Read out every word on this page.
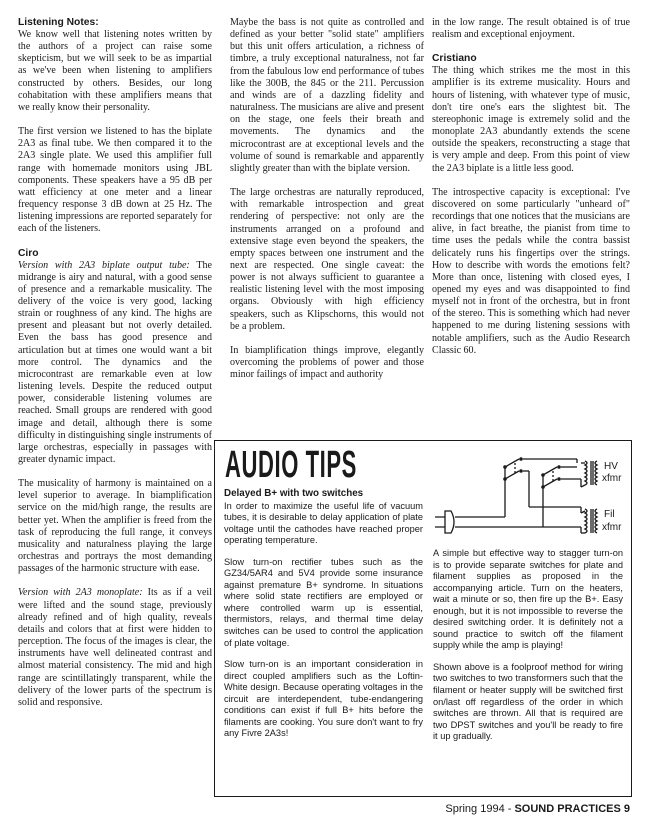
Listening Notes:

We know well that listening notes written by the authors of a project can raise some skepticism, but we will seek to be as impartial as we've been when listening to amplifiers constructed by others. Besides, our long cohabitation with these amplifiers means that we really know their personality.

The first version we listened to has the biplate 2A3 as final tube. We then compared it to the 2A3 single plate. We used this amplifier full range with homemade monitors using JBL components. These speakers have a 95 dB per watt efficiency at one meter and a linear frequency response 3 dB down at 25 Hz. The listening impressions are reported separately for each of the listeners.

Ciro

Version with 2A3 biplate output tube: The midrange is airy and natural, with a good sense of presence and a remarkable musicality. The delivery of the voice is very good, lacking strain or roughness of any kind. The highs are present and pleasant but not overly detailed. Even the bass has good presence and articulation but at times one would want a bit more control. The dynamics and the microcontrast are remarkable even at low listening levels. Despite the reduced output power, considerable listening volumes are reached. Small groups are rendered with good image and detail, although there is some difficulty in distinguishing single instruments of large orchestras, especially in passages with greater dynamic impact.

The musicality of harmony is maintained on a level superior to average. In biamplification service on the mid/high range, the results are better yet. When the amplifier is freed from the task of reproducing the full range, it conveys musicality and naturalness playing the large orchestras and portrays the most demanding passages of the harmonic structure with ease.

Version with 2A3 monoplate: Its as if a veil were lifted and the sound stage, previously already refined and of high quality, reveals details and colors that at first were hidden to perception. The focus of the images is clear, the instruments have well delineated contrast and almost material consistency. The mid and high range are scintillatingly transparent, while the delivery of the lower parts of the spectrum is solid and responsive.

Maybe the bass is not quite as controlled and defined as your better "solid state" amplifiers but this unit offers articulation, a richness of timbre, a truly exceptional naturalness, not far from the fabulous low end performance of tubes like the 300B, the 845 or the 211. Percussion and winds are of a dazzling fidelity and naturalness. The musicians are alive and present on the stage, one feels their breath and movements. The dynamics and the microcontrast are at exceptional levels and the volume of sound is remarkable and apparently slightly greater than with the biplate version.

The large orchestras are naturally reproduced, with remarkable introspection and great rendering of perspective: not only are the instruments arranged on a profound and extensive stage even beyond the speakers, the empty spaces between one instrument and the next are respected. One single caveat: the power is not always sufficient to guarantee a realistic listening level with the most imposing organs. Obviously with high efficiency speakers, such as Klipschorns, this would not be a problem.

In biamplification things improve, elegantly overcoming the problems of power and those minor failings of impact and authority

in the low range. The result obtained is of true realism and exceptional enjoyment.

Cristiano

The thing which strikes me the most in this amplifier is its extreme musicality. Hours and hours of listening, with whatever type of music, don't tire one's ears the slightest bit. The stereophonic image is extremely solid and the monoplate 2A3 abundantly extends the scene outside the speakers, reconstructing a stage that is very ample and deep. From this point of view the 2A3 biplate is a little less good.

The introspective capacity is exceptional: I've discovered on some particularly "unheard of" recordings that one notices that the musicians are alive, in fact breathe, the pianist from time to time uses the pedals while the contra bassist delicately runs his fingertips over the strings. How to describe with words the emotions felt? More than once, listening with closed eyes, I opened my eyes and was disappointed to find myself not in front of the orchestra, but in front of the stereo. This is something which had never happened to me during listening sessions with notable amplifiers, such as the Audio Research Classic 60.

AUDIO TIPS
Delayed B+ with two switches

In order to maximize the useful life of vacuum tubes, it is desirable to delay application of plate voltage until the cathodes have reached proper operating temperature.

Slow turn-on rectifier tubes such as the GZ34/5AR4 and 5V4 provide some insurance against premature B+ syndrome. In situations where solid state rectifiers are employed or where controlled warm up is essential, thermistors, relays, and thermal time delay switches can be used to control the application of plate voltage.

Slow turn-on is an important consideration in direct coupled amplifiers such as the Loftin-White design. Because operating voltages in the circuit are interdependent, tube-endangering conditions can exist if full B+ hits before the filaments are cooking. You sure don't want to fry any Fivre 2A3s!

HV
xfmr
Fil
xfmr

A simple but effective way to stagger turn-on is to provide separate switches for plate and filament supplies as proposed in the accompanying article. Turn on the heaters, wait a minute or so, then fire up the B+. Easy enough, but it is not impossible to reverse the desired switching order. It is definitely not a sound practice to switch off the filament supply while the amp is playing!

Shown above is a foolproof method for wiring two switches to two transformers such that the filament or heater supply will be switched first on/last off regardless of the order in which switches are thrown. All that is required are two DPST switches and you'll be ready to fire it up gradually.

Spring 1994 - SOUND PRACTICES 9
